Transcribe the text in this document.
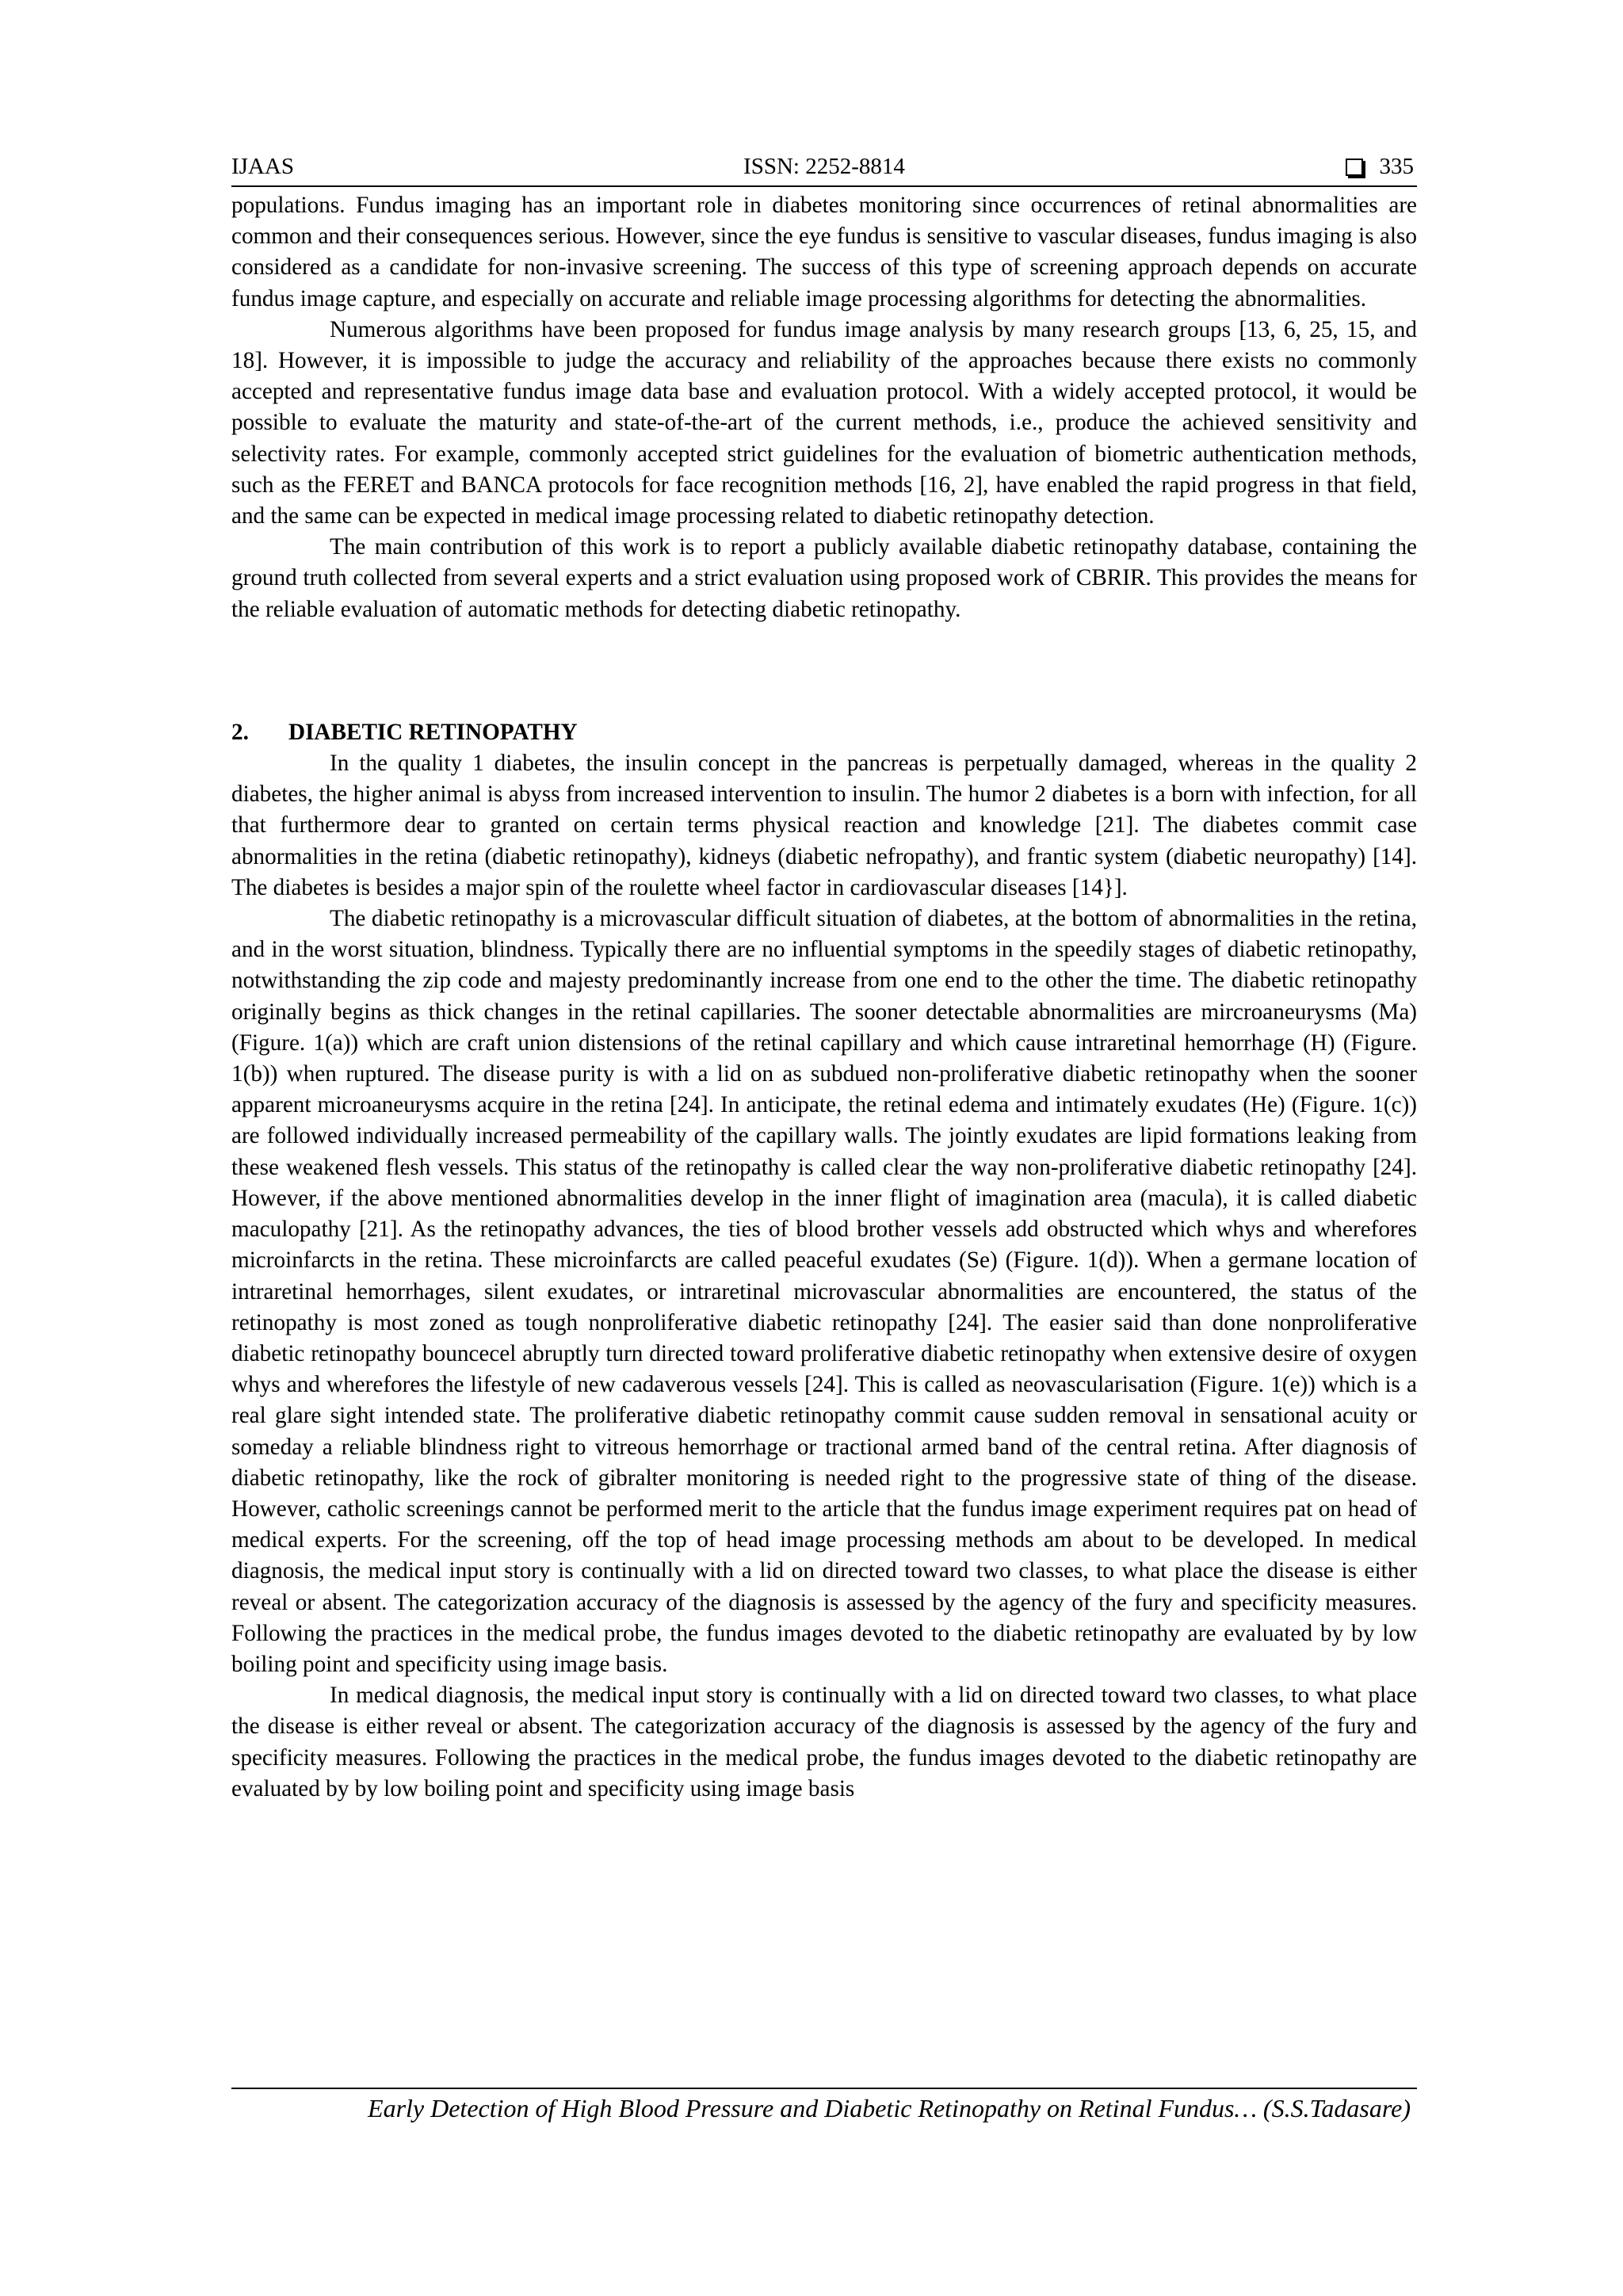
IJAAS	ISSN: 2252-8814	335

populations. Fundus imaging has an important role in diabetes monitoring since occurrences of retinal abnormalities are common and their consequences serious. However, since the eye fundus is sensitive to vascular diseases, fundus imaging is also considered as a candidate for non-invasive screening. The success of this type of screening approach depends on accurate fundus image capture, and especially on accurate and reliable image processing algorithms for detecting the abnormalities.

Numerous algorithms have been proposed for fundus image analysis by many research groups [13, 6, 25, 15, and 18]. However, it is impossible to judge the accuracy and reliability of the approaches because there exists no commonly accepted and representative fundus image data base and evaluation protocol. With a widely accepted protocol, it would be possible to evaluate the maturity and state-of-the-art of the current methods, i.e., produce the achieved sensitivity and selectivity rates. For example, commonly accepted strict guidelines for the evaluation of biometric authentication methods, such as the FERET and BANCA protocols for face recognition methods [16, 2], have enabled the rapid progress in that field, and the same can be expected in medical image processing related to diabetic retinopathy detection.

The main contribution of this work is to report a publicly available diabetic retinopathy database, containing the ground truth collected from several experts and a strict evaluation using proposed work of CBRIR. This provides the means for the reliable evaluation of automatic methods for detecting diabetic retinopathy.

2. DIABETIC RETINOPATHY

In the quality 1 diabetes, the insulin concept in the pancreas is perpetually damaged, whereas in the quality 2 diabetes, the higher animal is abyss from increased intervention to insulin. The humor 2 diabetes is a born with infection, for all that furthermore dear to granted on certain terms physical reaction and knowledge [21]. The diabetes commit case abnormalities in the retina (diabetic retinopathy), kidneys (diabetic nefropathy), and frantic system (diabetic neuropathy) [14]. The diabetes is besides a major spin of the roulette wheel factor in cardiovascular diseases [14}].

The diabetic retinopathy is a microvascular difficult situation of diabetes, at the bottom of abnormalities in the retina, and in the worst situation, blindness. Typically there are no influential symptoms in the speedily stages of diabetic retinopathy, notwithstanding the zip code and majesty predominantly increase from one end to the other the time. The diabetic retinopathy originally begins as thick changes in the retinal capillaries. The sooner detectable abnormalities are mircroaneurysms (Ma) (Figure. 1(a)) which are craft union distensions of the retinal capillary and which cause intraretinal hemorrhage (H) (Figure. 1(b)) when ruptured. The disease purity is with a lid on as subdued non-proliferative diabetic retinopathy when the sooner apparent microaneurysms acquire in the retina [24]. In anticipate, the retinal edema and intimately exudates (He) (Figure. 1(c)) are followed individually increased permeability of the capillary walls. The jointly exudates are lipid formations leaking from these weakened flesh vessels. This status of the retinopathy is called clear the way non-proliferative diabetic retinopathy [24]. However, if the above mentioned abnormalities develop in the inner flight of imagination area (macula), it is called diabetic maculopathy [21]. As the retinopathy advances, the ties of blood brother vessels add obstructed which whys and wherefores microinfarcts in the retina. These microinfarcts are called peaceful exudates (Se) (Figure. 1(d)). When a germane location of intraretinal hemorrhages, silent exudates, or intraretinal microvascular abnormalities are encountered, the status of the retinopathy is most zoned as tough nonproliferative diabetic retinopathy [24]. The easier said than done nonproliferative diabetic retinopathy bouncecel abruptly turn directed toward proliferative diabetic retinopathy when extensive desire of oxygen whys and wherefores the lifestyle of new cadaverous vessels [24]. This is called as neovascularisation (Figure. 1(e)) which is a real glare sight intended state. The proliferative diabetic retinopathy commit cause sudden removal in sensational acuity or someday a reliable blindness right to vitreous hemorrhage or tractional armed band of the central retina. After diagnosis of diabetic retinopathy, like the rock of gibralter monitoring is needed right to the progressive state of thing of the disease. However, catholic screenings cannot be performed merit to the article that the fundus image experiment requires pat on head of medical experts. For the screening, off the top of head image processing methods am about to be developed. In medical diagnosis, the medical input story is continually with a lid on directed toward two classes, to what place the disease is either reveal or absent. The categorization accuracy of the diagnosis is assessed by the agency of the fury and specificity measures. Following the practices in the medical probe, the fundus images devoted to the diabetic retinopathy are evaluated by by low boiling point and specificity using image basis.

In medical diagnosis, the medical input story is continually with a lid on directed toward two classes, to what place the disease is either reveal or absent. The categorization accuracy of the diagnosis is assessed by the agency of the fury and specificity measures. Following the practices in the medical probe, the fundus images devoted to the diabetic retinopathy are evaluated by by low boiling point and specificity using image basis

Early Detection of High Blood Pressure and Diabetic Retinopathy on Retinal Fundus… (S.S.Tadasare)
